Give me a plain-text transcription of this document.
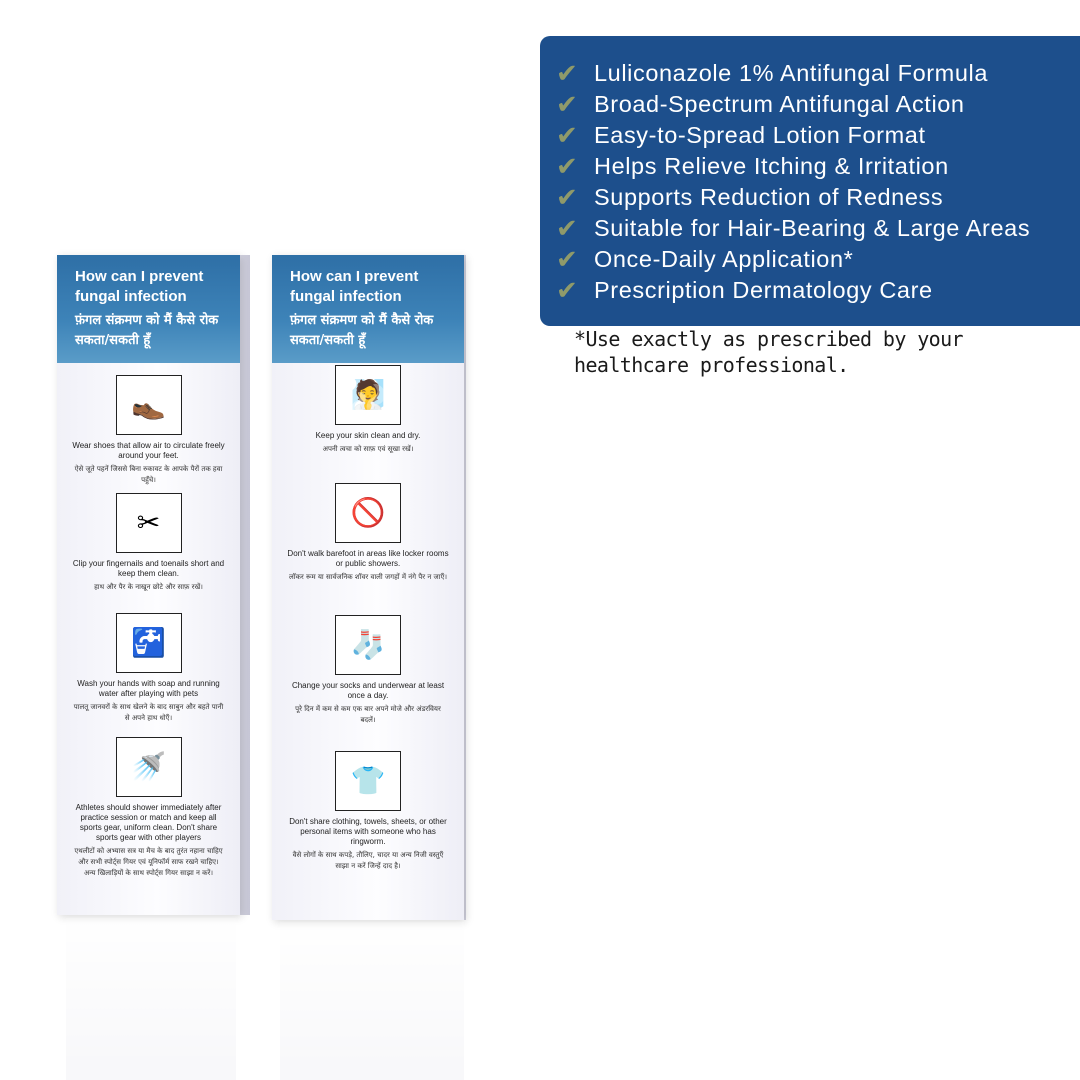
✔ Luliconazole 1% Antifungal Formula
✔ Broad-Spectrum Antifungal Action
✔ Easy-to-Spread Lotion Format
✔ Helps Relieve Itching & Irritation
✔ Supports Reduction of Redness
✔ Suitable for Hair-Bearing & Large Areas
✔ Once-Daily Application*
✔ Prescription Dermatology Care
*Use exactly as prescribed by your healthcare professional.
How can I prevent fungal infection
फ़ंगल संक्रमण को मैं कैसे रोक सकता/सकती हूँ
👞
Wear shoes that allow air to circulate freely around your feet.
ऐसे जूते पहनें जिससे बिना रुकावट के आपके पैरों तक हवा पहुँचे।
✂
Clip your fingernails and toenails short and keep them clean.
हाथ और पैर के नाखून छोटे और साफ़ रखें।
🚰
Wash your hands with soap and running water after playing with pets
पालतू जानवरों के साथ खेलने के बाद साबुन और बहते पानी से अपने हाथ धोएँ।
🚿
Athletes should shower immediately after practice session or match and keep all sports gear, uniform clean. Don't share sports gear with other players
एथलीटों को अभ्यास सत्र या मैच के बाद तुरंत नहाना चाहिए और सभी स्पोर्ट्स गियर एवं यूनिफॉर्म साफ रखने चाहिए। अन्य खिलाड़ियों के साथ स्पोर्ट्स गियर साझा न करें।
How can I prevent fungal infection
फ़ंगल संक्रमण को मैं कैसे रोक सकता/सकती हूँ
🧖
Keep your skin clean and dry.
अपनी त्वचा को साफ़ एवं सूखा रखें।
🚫
Don't walk barefoot in areas like locker rooms or public showers.
लॉकर रूम या सार्वजनिक शॉवर वाली जगहों में नंगे पैर न जाएँ।
🧦
Change your socks and underwear at least once a day.
पूरे दिन में कम से कम एक बार अपने मोजे और अंडरवियर बदलें।
👕
Don't share clothing, towels, sheets, or other personal items with someone who has ringworm.
वैसे लोगों के साथ कपड़े, तौलिए, चादर या अन्य निजी वस्तुएँ साझा न करें जिन्हें दाद है।
